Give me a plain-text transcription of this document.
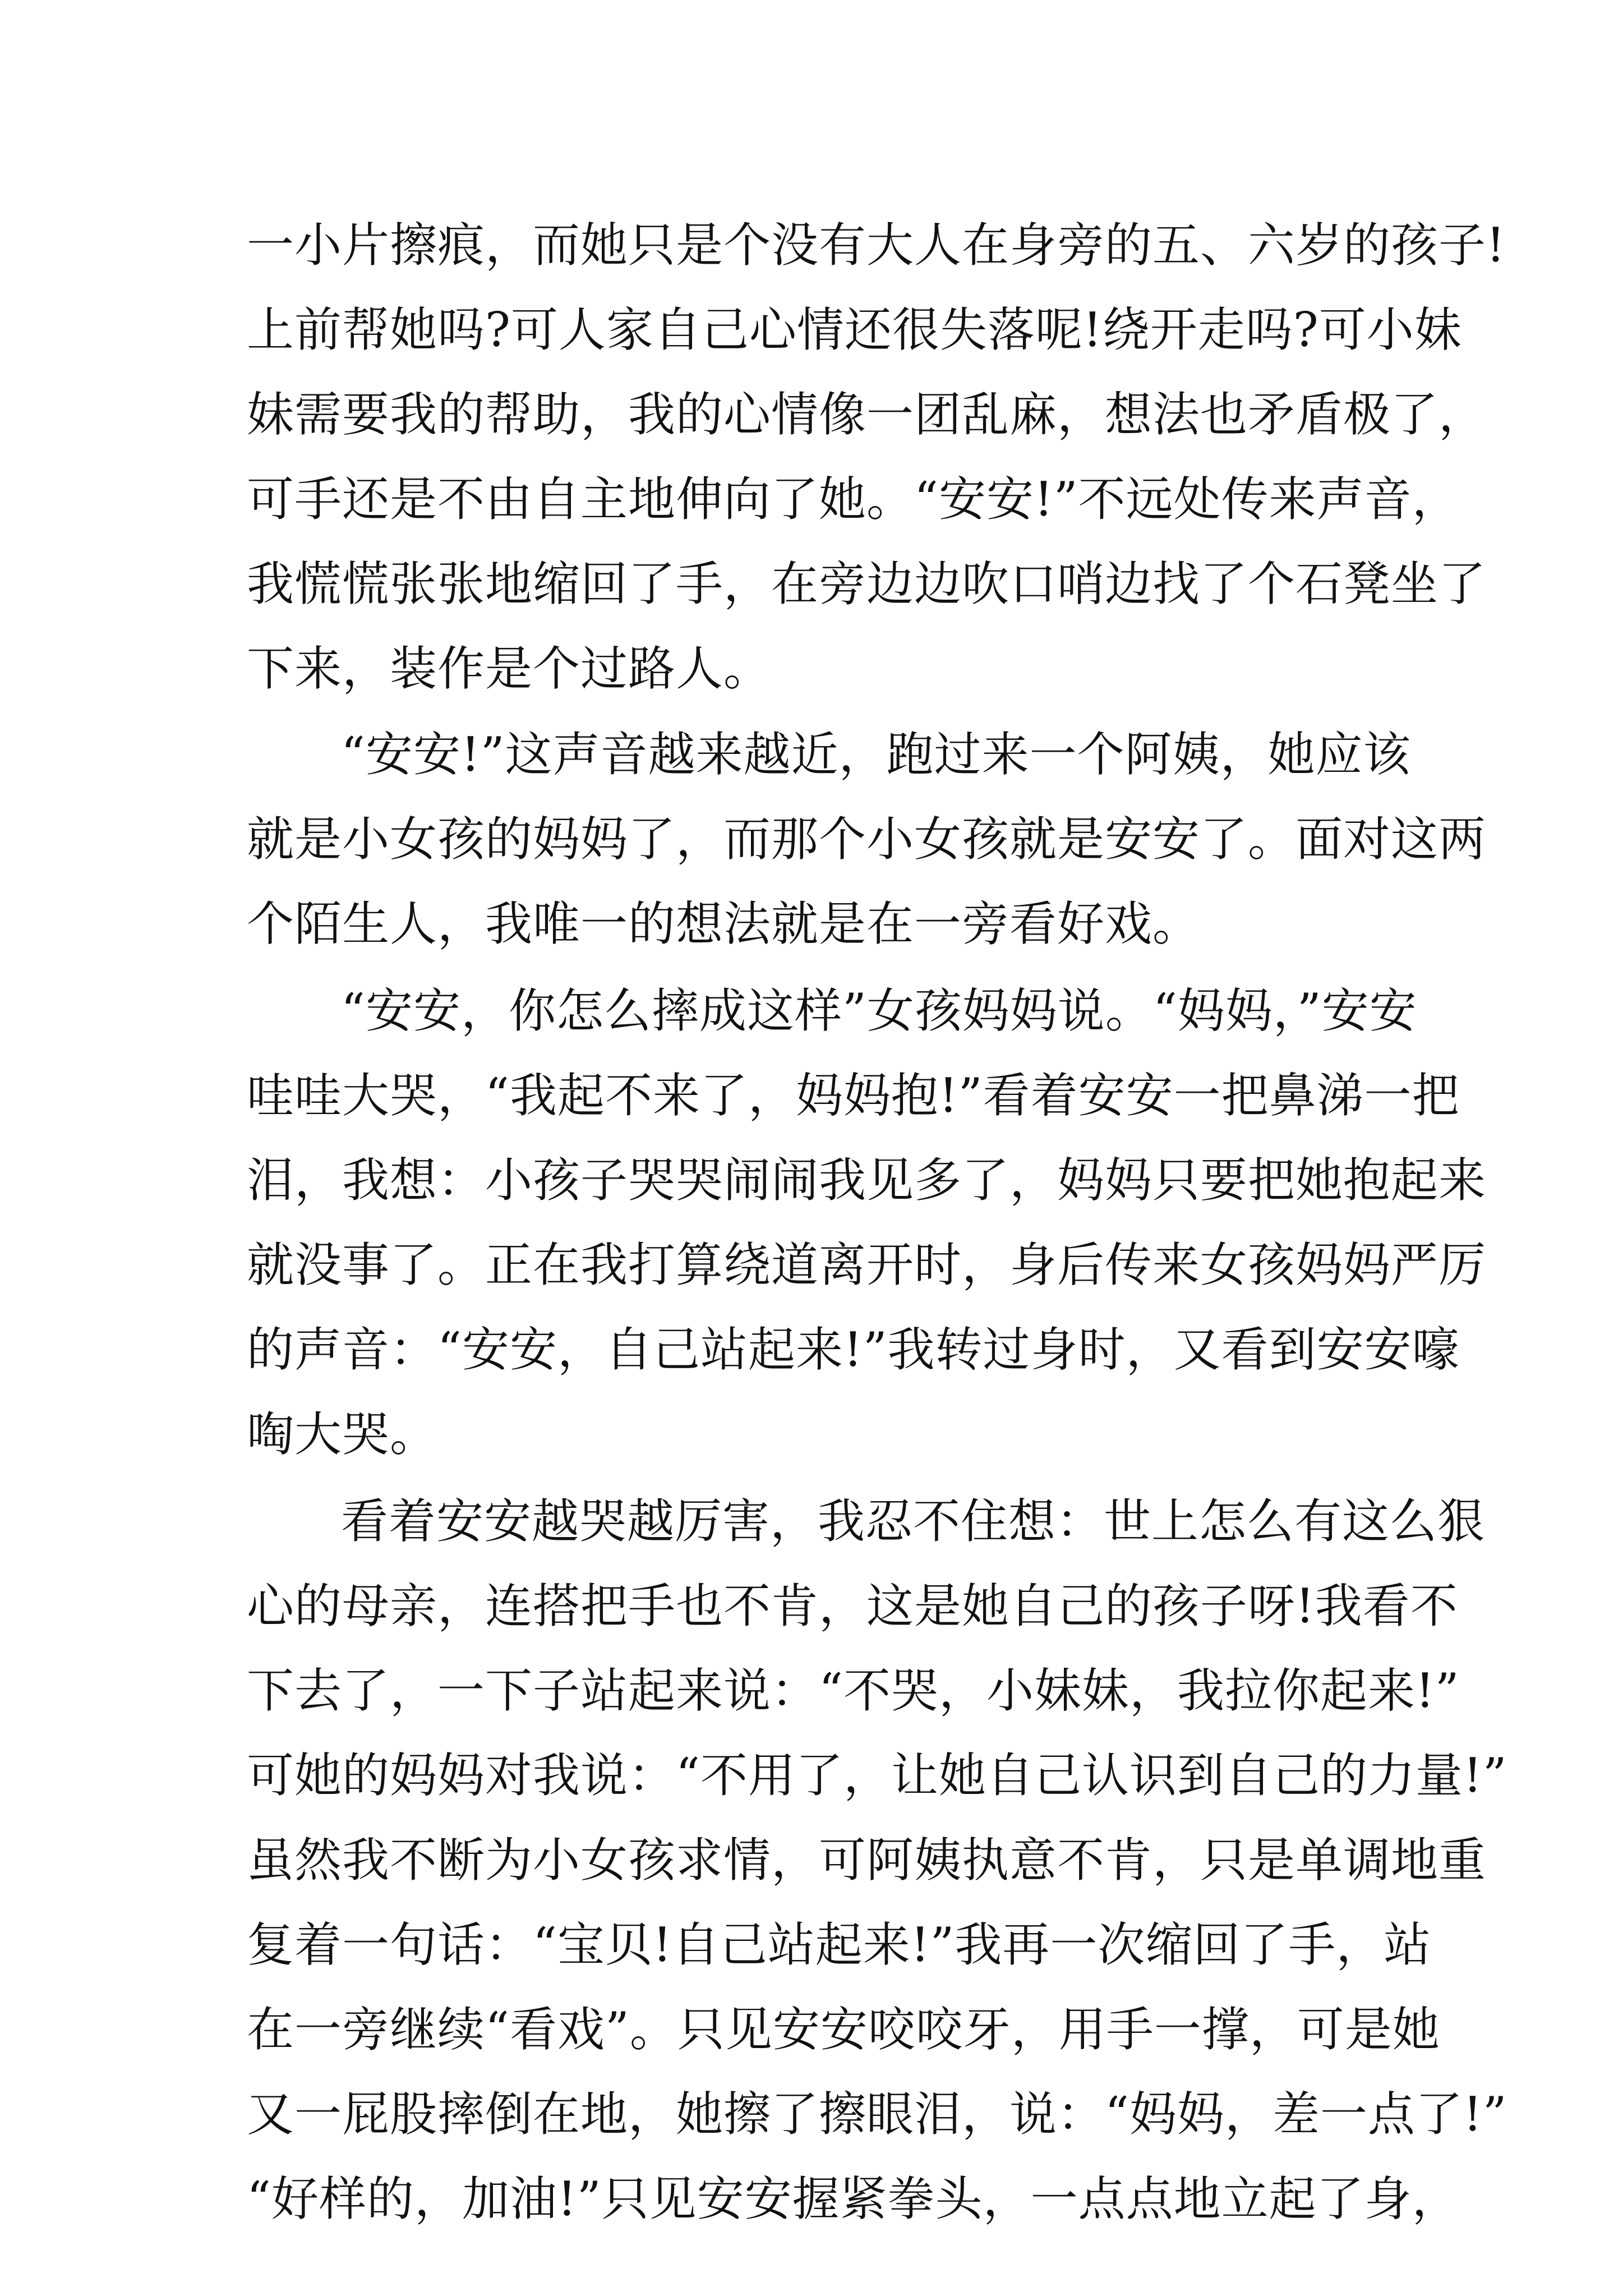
一小片擦痕，而她只是个没有大人在身旁的五、六岁的孩子!
上前帮她吗?可人家自己心情还很失落呢!绕开走吗?可小妹
妹需要我的帮助，我的心情像一团乱麻，想法也矛盾极了，
可手还是不由自主地伸向了她。“安安!”不远处传来声音，
我慌慌张张地缩回了手，在旁边边吹口哨边找了个石凳坐了
下来，装作是个过路人。
“安安!”这声音越来越近，跑过来一个阿姨，她应该
就是小女孩的妈妈了，而那个小女孩就是安安了。面对这两
个陌生人，我唯一的想法就是在一旁看好戏。
“安安，你怎么摔成这样”女孩妈妈说。“妈妈，”安安
哇哇大哭，“我起不来了，妈妈抱!”看着安安一把鼻涕一把
泪，我想：小孩子哭哭闹闹我见多了，妈妈只要把她抱起来
就没事了。正在我打算绕道离开时，身后传来女孩妈妈严厉
的声音：“安安，自己站起来!”我转过身时，又看到安安嚎
啕大哭。
看着安安越哭越厉害，我忍不住想：世上怎么有这么狠
心的母亲，连搭把手也不肯，这是她自己的孩子呀!我看不
下去了，一下子站起来说：“不哭，小妹妹，我拉你起来!”
可她的妈妈对我说：“不用了，让她自己认识到自己的力量!”
虽然我不断为小女孩求情，可阿姨执意不肯，只是单调地重
复着一句话：“宝贝!自己站起来!”我再一次缩回了手，站
在一旁继续“看戏”。只见安安咬咬牙，用手一撑，可是她
又一屁股摔倒在地，她擦了擦眼泪，说：“妈妈，差一点了!”
“好样的，加油!”只见安安握紧拳头，一点点地立起了身，
